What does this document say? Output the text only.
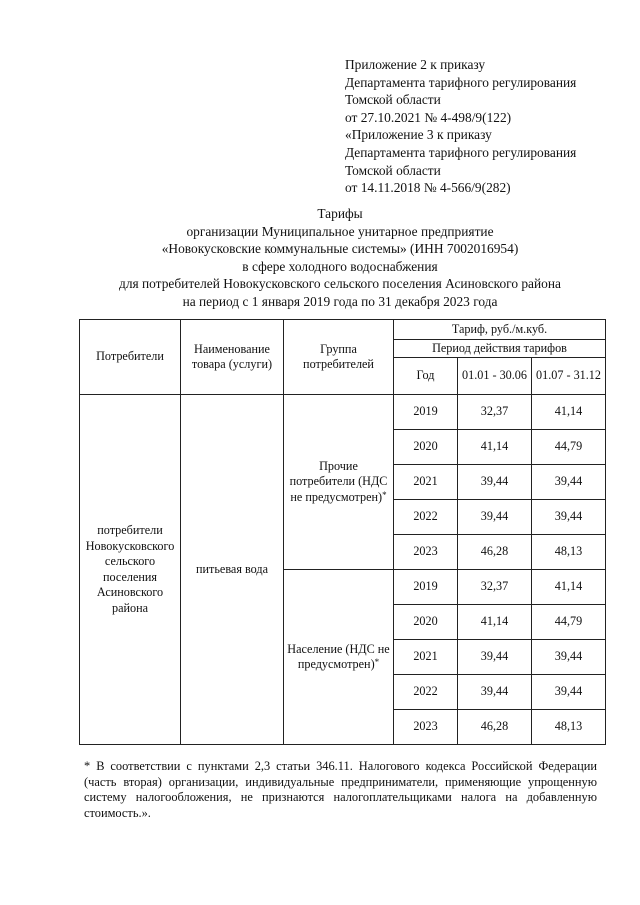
Приложение 2 к приказу
Департамента тарифного регулирования
Томской области
от 27.10.2021 № 4-498/9(122)
«Приложение 3 к приказу
Департамента тарифного регулирования
Томской области
от 14.11.2018 № 4-566/9(282)
Тарифы
организации Муниципальное унитарное предприятие
«Новокусковские коммунальные системы» (ИНН 7002016954)
в сфере холодного водоснабжения
для потребителей Новокусковского сельского поселения Асиновского района
на период с 1 января 2019 года по 31 декабря 2023 года
Потребители	Наименование товара (услуги)	Группа потребителей	Тариф, руб./м.куб.		
			Период действия тарифов		
			Год	01.01 - 30.06	01.07 - 31.12
потребители Новокусковского сельского поселения Асиновского района	питьевая вода	Прочие потребители (НДС не предусмотрен)*	2019	32,37	41,14
			2020	41,14	44,79
			2021	39,44	39,44
			2022	39,44	39,44
			2023	46,28	48,13
		Население (НДС не предусмотрен)*	2019	32,37	41,14
			2020	41,14	44,79
			2021	39,44	39,44
			2022	39,44	39,44
			2023	46,28	48,13
* В соответствии с пунктами 2,3 статьи 346.11. Налогового кодекса Российской Федерации (часть вторая) организации, индивидуальные предприниматели, применяющие упрощенную систему налогообложения, не признаются налогоплательщиками налога на добавленную стоимость.».
